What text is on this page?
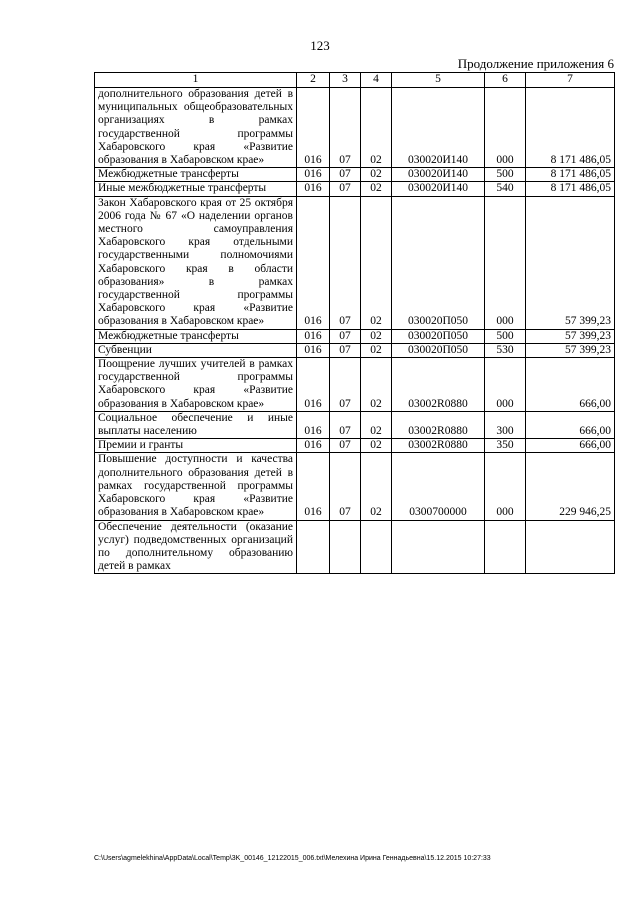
123
Продолжение приложения 6
1	2	3	4	5	6	7
дополнительного образования детей в муниципальных общеобразовательных организациях в рамках государственной программы Хабаровского края «Развитие образования в Хабаровском крае»	016	07	02	030020И140	000	8 171 486,05
Межбюджетные трансферты	016	07	02	030020И140	500	8 171 486,05
Иные межбюджетные трансферты	016	07	02	030020И140	540	8 171 486,05
Закон Хабаровского края от 25 октября 2006 года № 67 «О наделении органов местного самоуправления Хабаровского края отдельными государственными полномочиями Хабаровского края в области образования» в рамках государственной программы Хабаровского края «Развитие образования в Хабаровском крае»	016	07	02	030020П050	000	57 399,23
Межбюджетные трансферты	016	07	02	030020П050	500	57 399,23
Субвенции	016	07	02	030020П050	530	57 399,23
Поощрение лучших учителей в рамках государственной программы Хабаровского края «Развитие образования в Хабаровском крае»	016	07	02	03002R0880	000	666,00
Социальное обеспечение и иные выплаты населению	016	07	02	03002R0880	300	666,00
Премии и гранты	016	07	02	03002R0880	350	666,00
Повышение доступности и качества дополнительного образования детей в рамках государственной программы Хабаровского края «Развитие образования в Хабаровском крае»	016	07	02	0300700000	000	229 946,25
Обеспечение деятельности (оказание услуг) подведомственных организаций по дополнительному образованию детей в рамках						
C:\Users\agmelekhina\AppData\Local\Temp\3K_00146_12122015_006.txt\Мелехина Ирина Геннадьевна\15.12.2015 10:27:33
